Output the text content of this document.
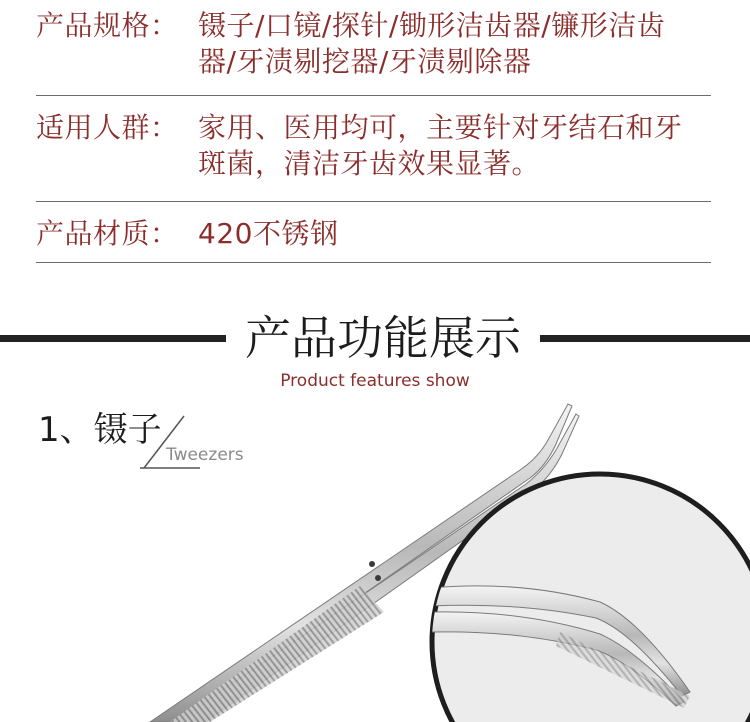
产品规格： 镊子/口镜/探针/锄形洁齿器/镰形洁齿器/牙渍剔挖器/牙渍剔除器
适用人群： 家用、医用均可，主要针对牙结石和牙斑菌，清洁牙齿效果显著。
产品材质： 420不锈钢
产品功能展示
Product features show
1、镊子
Tweezers
